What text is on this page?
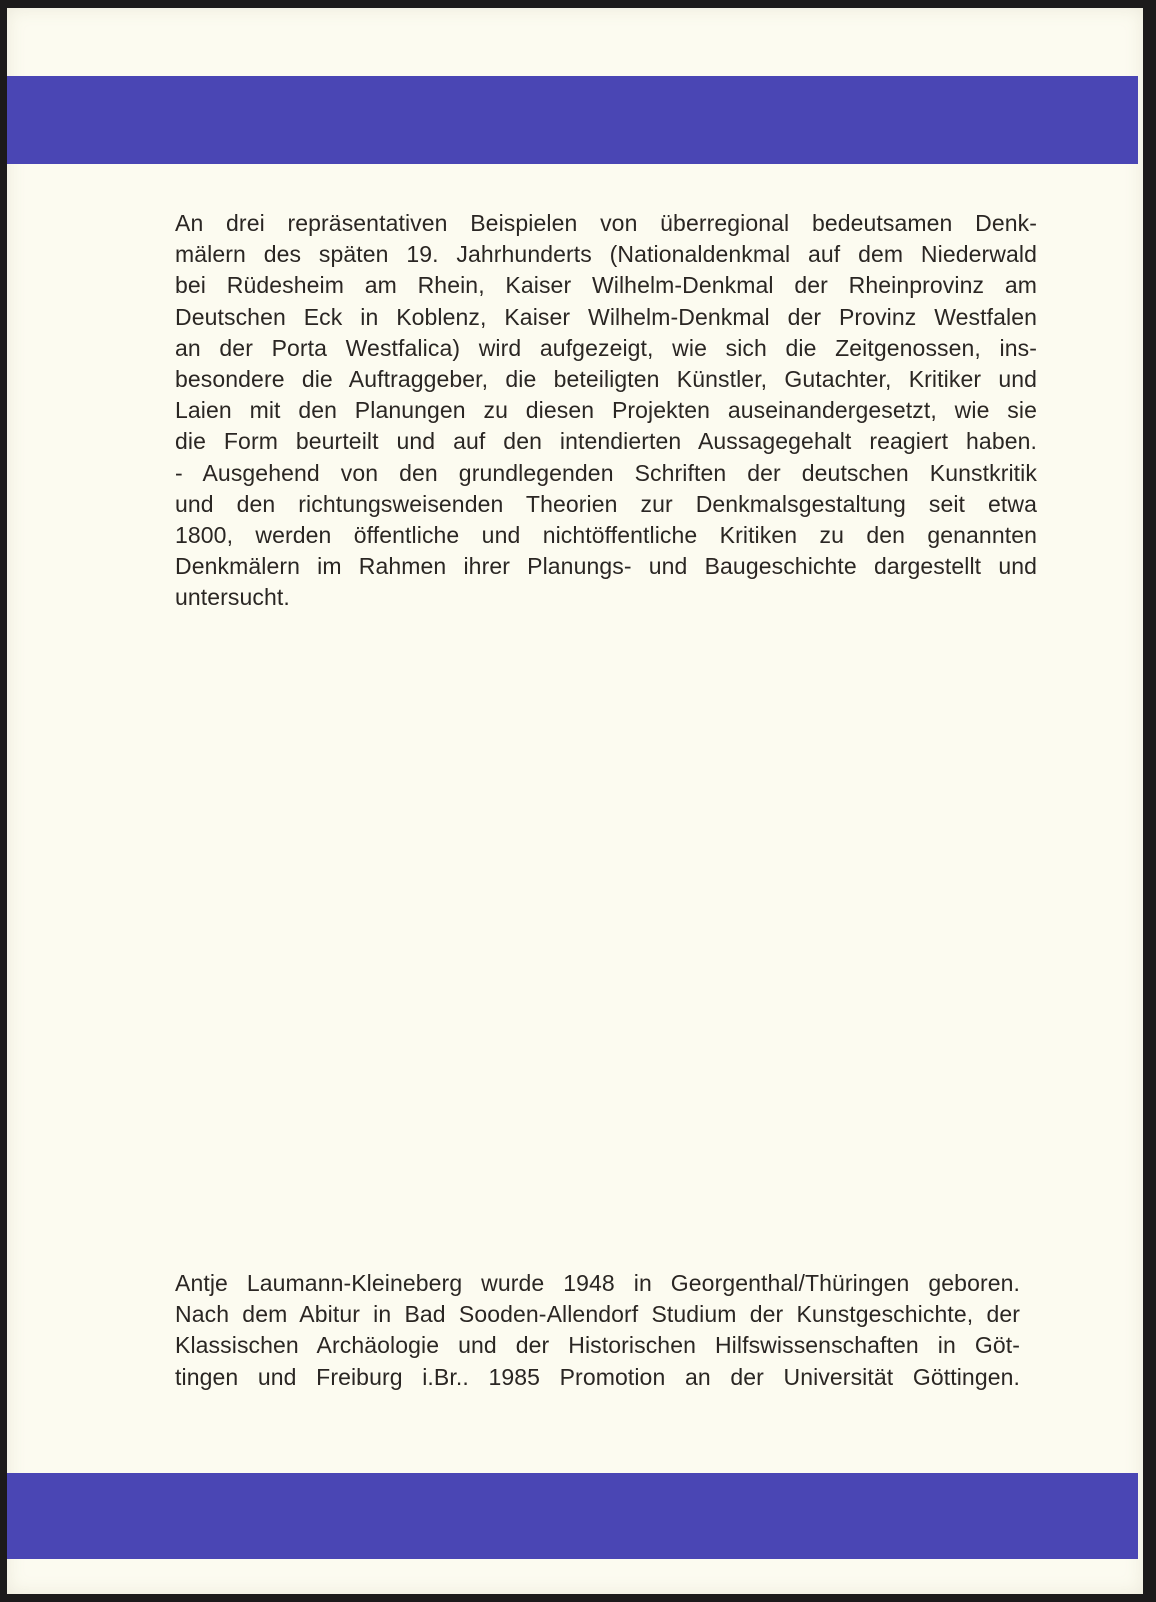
An drei repräsentativen Beispielen von überregional bedeutsamen Denk-
mälern des späten 19. Jahrhunderts (Nationaldenkmal auf dem Niederwald
bei Rüdesheim am Rhein, Kaiser Wilhelm-Denkmal der Rheinprovinz am
Deutschen Eck in Koblenz, Kaiser Wilhelm-Denkmal der Provinz Westfalen
an der Porta Westfalica) wird aufgezeigt, wie sich die Zeitgenossen, ins-
besondere die Auftraggeber, die beteiligten Künstler, Gutachter, Kritiker und
Laien mit den Planungen zu diesen Projekten auseinandergesetzt, wie sie
die Form beurteilt und auf den intendierten Aussagegehalt reagiert haben.
- Ausgehend von den grundlegenden Schriften der deutschen Kunstkritik
und den richtungsweisenden Theorien zur Denkmalsgestaltung seit etwa
1800, werden öffentliche und nichtöffentliche Kritiken zu den genannten
Denkmälern im Rahmen ihrer Planungs- und Baugeschichte dargestellt und
untersucht.
Antje Laumann-Kleineberg wurde 1948 in Georgenthal/Thüringen geboren.
Nach dem Abitur in Bad Sooden-Allendorf Studium der Kunstgeschichte, der
Klassischen Archäologie und der Historischen Hilfswissenschaften in Göt-
tingen und Freiburg i.Br.. 1985 Promotion an der Universität Göttingen.
